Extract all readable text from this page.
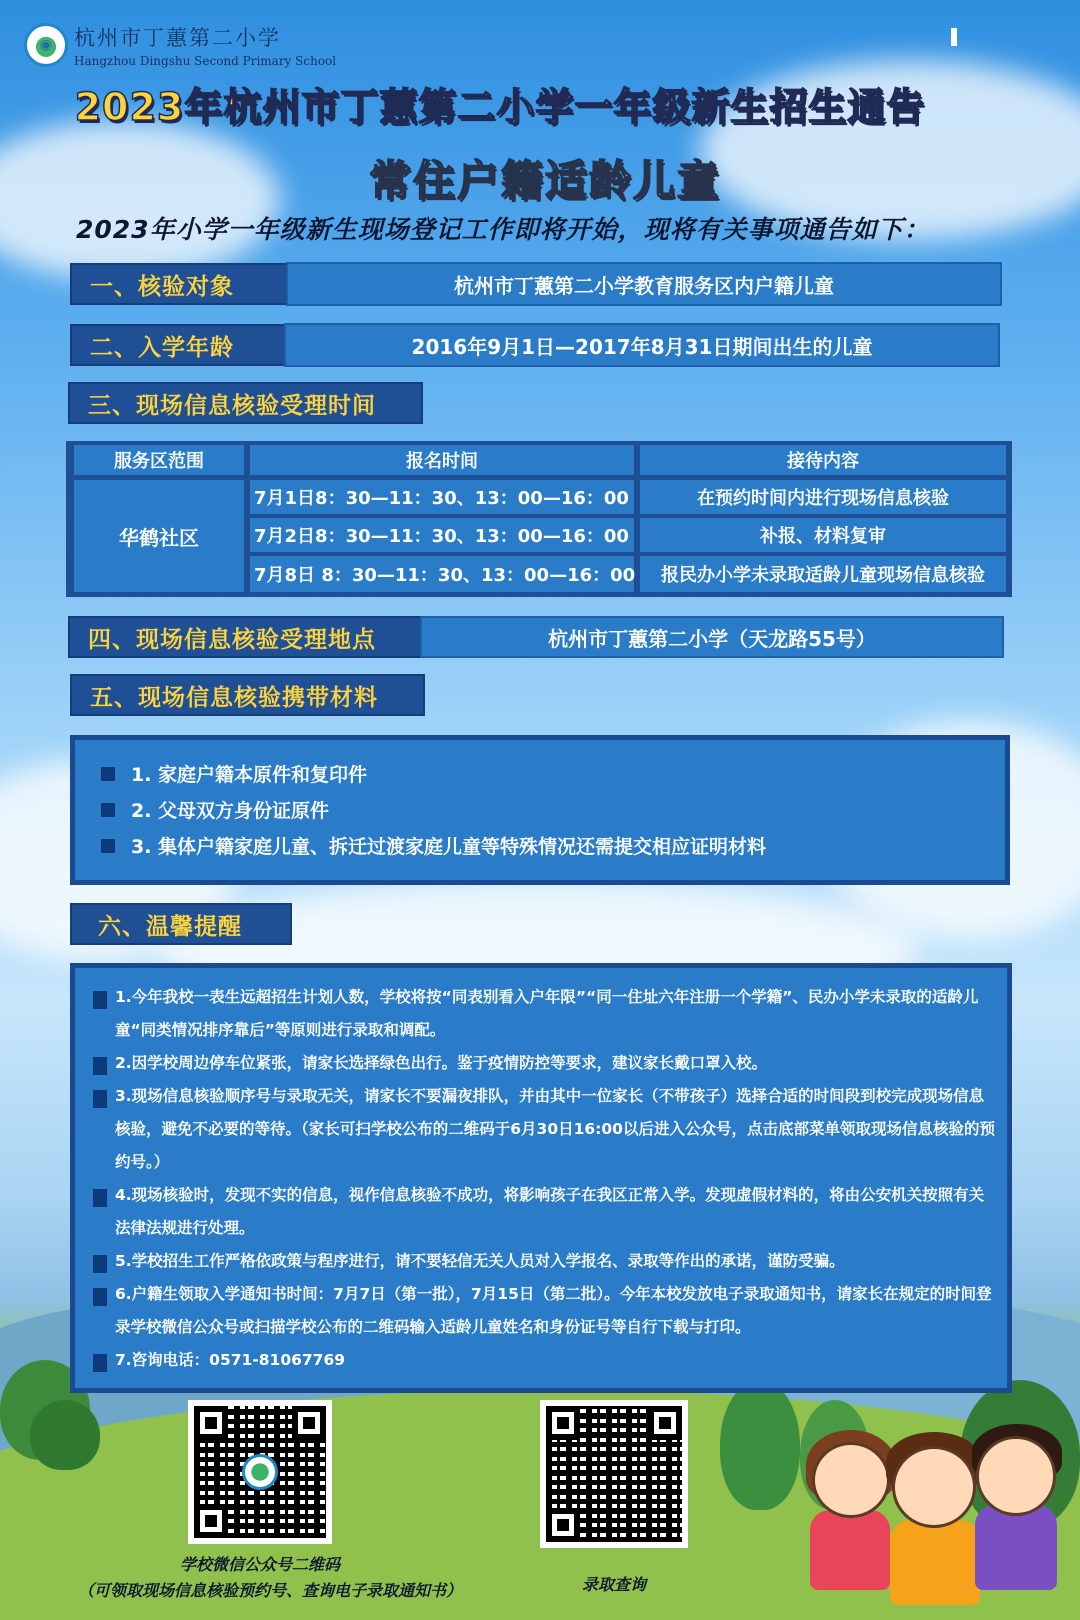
◉	杭州市丁蕙第二小学
Hangzhou Dingshu Second Primary School
2023年杭州市丁蕙第二小学一年级新生招生通告
常住户籍适龄儿童
2023年小学一年级新生现场登记工作即将开始，现将有关事项通告如下：
一、核验对象	杭州市丁蕙第二小学教育服务区内户籍儿童
二、入学年龄	2016年9月1日—2017年8月31日期间出生的儿童
三、现场信息核验受理时间
服务区范围	报名时间	接待内容
华鹤社区
7月1日8：30—11：30、13：00—16：00	在预约时间内进行现场信息核验
7月2日8：30—11：30、13：00—16：00	补报、材料复审
7月8日 8：30—11：30、13：00—16：00	报民办小学未录取适龄儿童现场信息核验
四、现场信息核验受理地点	杭州市丁蕙第二小学（天龙路55号）
五、现场信息核验携带材料
1. 家庭户籍本原件和复印件
2. 父母双方身份证原件
3. 集体户籍家庭儿童、拆迁过渡家庭儿童等特殊情况还需提交相应证明材料
六、温馨提醒
1.今年我校一表生远超招生计划人数，学校将按“同表别看入户年限”“同一住址六年注册一个学籍”、民办小学未录取的适龄儿童“同类情况排序靠后”等原则进行录取和调配。
2.因学校周边停车位紧张，请家长选择绿色出行。鉴于疫情防控等要求，建议家长戴口罩入校。
3.现场信息核验顺序号与录取无关，请家长不要漏夜排队，并由其中一位家长（不带孩子）选择合适的时间段到校完成现场信息核验，避免不必要的等待。（家长可扫学校公布的二维码于6月30日16:00以后进入公众号，点击底部菜单领取现场信息核验的预约号。）
4.现场核验时，发现不实的信息，视作信息核验不成功，将影响孩子在我区正常入学。发现虚假材料的，将由公安机关按照有关法律法规进行处理。
5.学校招生工作严格依政策与程序进行，请不要轻信无关人员对入学报名、录取等作出的承诺，谨防受骗。
6.户籍生领取入学通知书时间：7月7日（第一批），7月15日（第二批）。今年本校发放电子录取通知书，请家长在规定的时间登录学校微信公众号或扫描学校公布的二维码输入适龄儿童姓名和身份证号等自行下载与打印。
7.咨询电话：0571-81067769
学校微信公众号二维码
（可领取现场信息核验预约号、查询电子录取通知书）	录取查询
